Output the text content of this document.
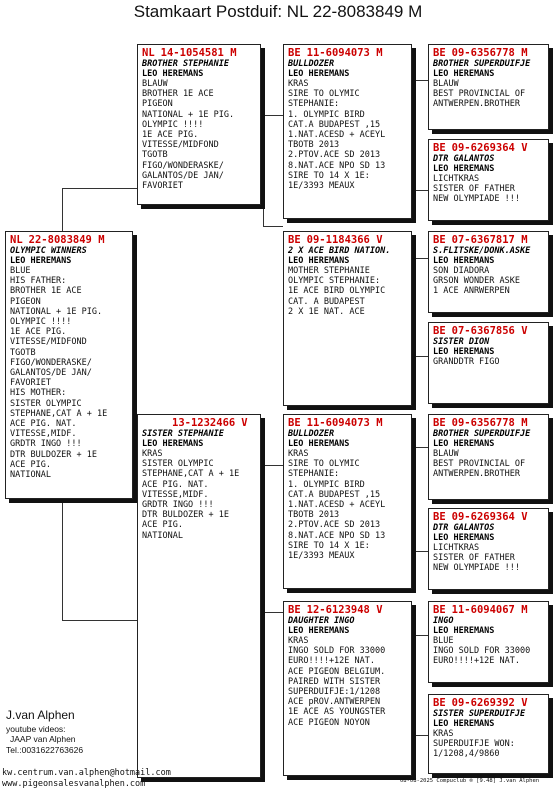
Stamkaart Postduif: NL 22-8083849 M
NL 22-8083849 M
OLYMPIC WINNERS
LEO HEREMANS
BLUE
HIS FATHER:
BROTHER 1E ACE
PIGEON
NATIONAL + 1E PIG.
OLYMPIC !!!!
1E ACE PIG.
VITESSE/MIDFOND
TGOTB
FIGO/WONDERASKE/
GALANTOS/DE JAN/
FAVORIET
HIS MOTHER:
SISTER OLYMPIC
STEPHANE,CAT A + 1E
ACE PIG. NAT.
VITESSE,MIDF.
GRDTR INGO !!!
DTR BULDOZER + 1E
ACE PIG.
NATIONAL
NL 14-1054581 M
BROTHER STEPHANIE
LEO HEREMANS
BLAUW
BROTHER 1E ACE
PIGEON
NATIONAL + 1E PIG.
OLYMPIC !!!!
1E ACE PIG.
VITESSE/MIDFOND
TGOTB
FIGO/WONDERASKE/
GALANTOS/DE JAN/
FAVORIET
13-1232466 V
SISTER STEPHANIE
LEO HEREMANS
KRAS
SISTER OLYMPIC
STEPHANE,CAT A + 1E
ACE PIG. NAT.
VITESSE,MIDF.
GRDTR INGO !!!
DTR BULDOZER + 1E
ACE PIG.
NATIONAL
BE 11-6094073 M
BULLDOZER
LEO HEREMANS
KRAS
SIRE TO OLYMIC
STEPHANIE:
1. OLYMPIC BIRD
CAT.A BUDAPEST ,15
1.NAT.ACESD + ACEYL
TBOTB 2013
2.PTOV.ACE SD 2013
8.NAT.ACE NPO SD 13
SIRE TO 14 X 1E:
1E/3393 MEAUX
BE 09-1184366 V
2 X ACE BIRD NATION.
LEO HEREMANS
MOTHER STEPHANIE
OLYMPIC STEPHANIE:
1E ACE BIRD OLYMPIC
CAT. A BUDAPEST
2 X 1E NAT. ACE
BE 11-6094073 M
BULLDOZER
LEO HEREMANS
KRAS
SIRE TO OLYMIC
STEPHANIE:
1. OLYMPIC BIRD
CAT.A BUDAPEST ,15
1.NAT.ACESD + ACEYL
TBOTB 2013
2.PTOV.ACE SD 2013
8.NAT.ACE NPO SD 13
SIRE TO 14 X 1E:
1E/3393 MEAUX
BE 12-6123948 V
DAUGHTER INGO
LEO HEREMANS
KRAS
INGO SOLD FOR 33000
EURO!!!!+12E NAT.
ACE PIGEON BELGIUM.
PAIRED WITH SISTER
SUPERDUIFJE:1/1208
ACE pROV.ANTWERPEN
1E ACE AS YOUNGSTER
ACE PIGEON NOYON
BE 09-6356778 M
BROTHER SUPERDUIFJE
LEO HEREMANS
BLAUW
BEST PROVINCIAL OF
ANTWERPEN.BROTHER
BE 09-6269364 V
DTR GALANTOS
LEO HEREMANS
LICHTKRAS
SISTER OF FATHER
NEW OLYMPIADE !!!
BE 07-6367817 M
S.FLITSKE/DONK.ASKE
LEO HEREMANS
SON DIADORA
GRSON WONDER ASKE
1 ACE ANRWERPEN
BE 07-6367856 V
SISTER DION
LEO HEREMANS
GRANDDTR FIGO
BE 09-6356778 M
BROTHER SUPERDUIFJE
LEO HEREMANS
BLAUW
BEST PROVINCIAL OF
ANTWERPEN.BROTHER
BE 09-6269364 V
DTR GALANTOS
LEO HEREMANS
LICHTKRAS
SISTER OF FATHER
NEW OLYMPIADE !!!
BE 11-6094067 M
INGO
LEO HEREMANS
BLUE
INGO SOLD FOR 33000
EURO!!!!+12E NAT.
BE 09-6269392 V
SISTER SUPERDUIFJE
LEO HEREMANS
KRAS
SUPERDUIFJE WON:
1/1208,4/9860
J.van Alphen
youtube videos:
JAAP van Alphen
Tel.:0031622763626
kw.centrum.van.alphen@hotmail.com
www.pigeonsalesvanalphen.com	08-08-2025 Compuclub ® [9.48] J.van Alphen
